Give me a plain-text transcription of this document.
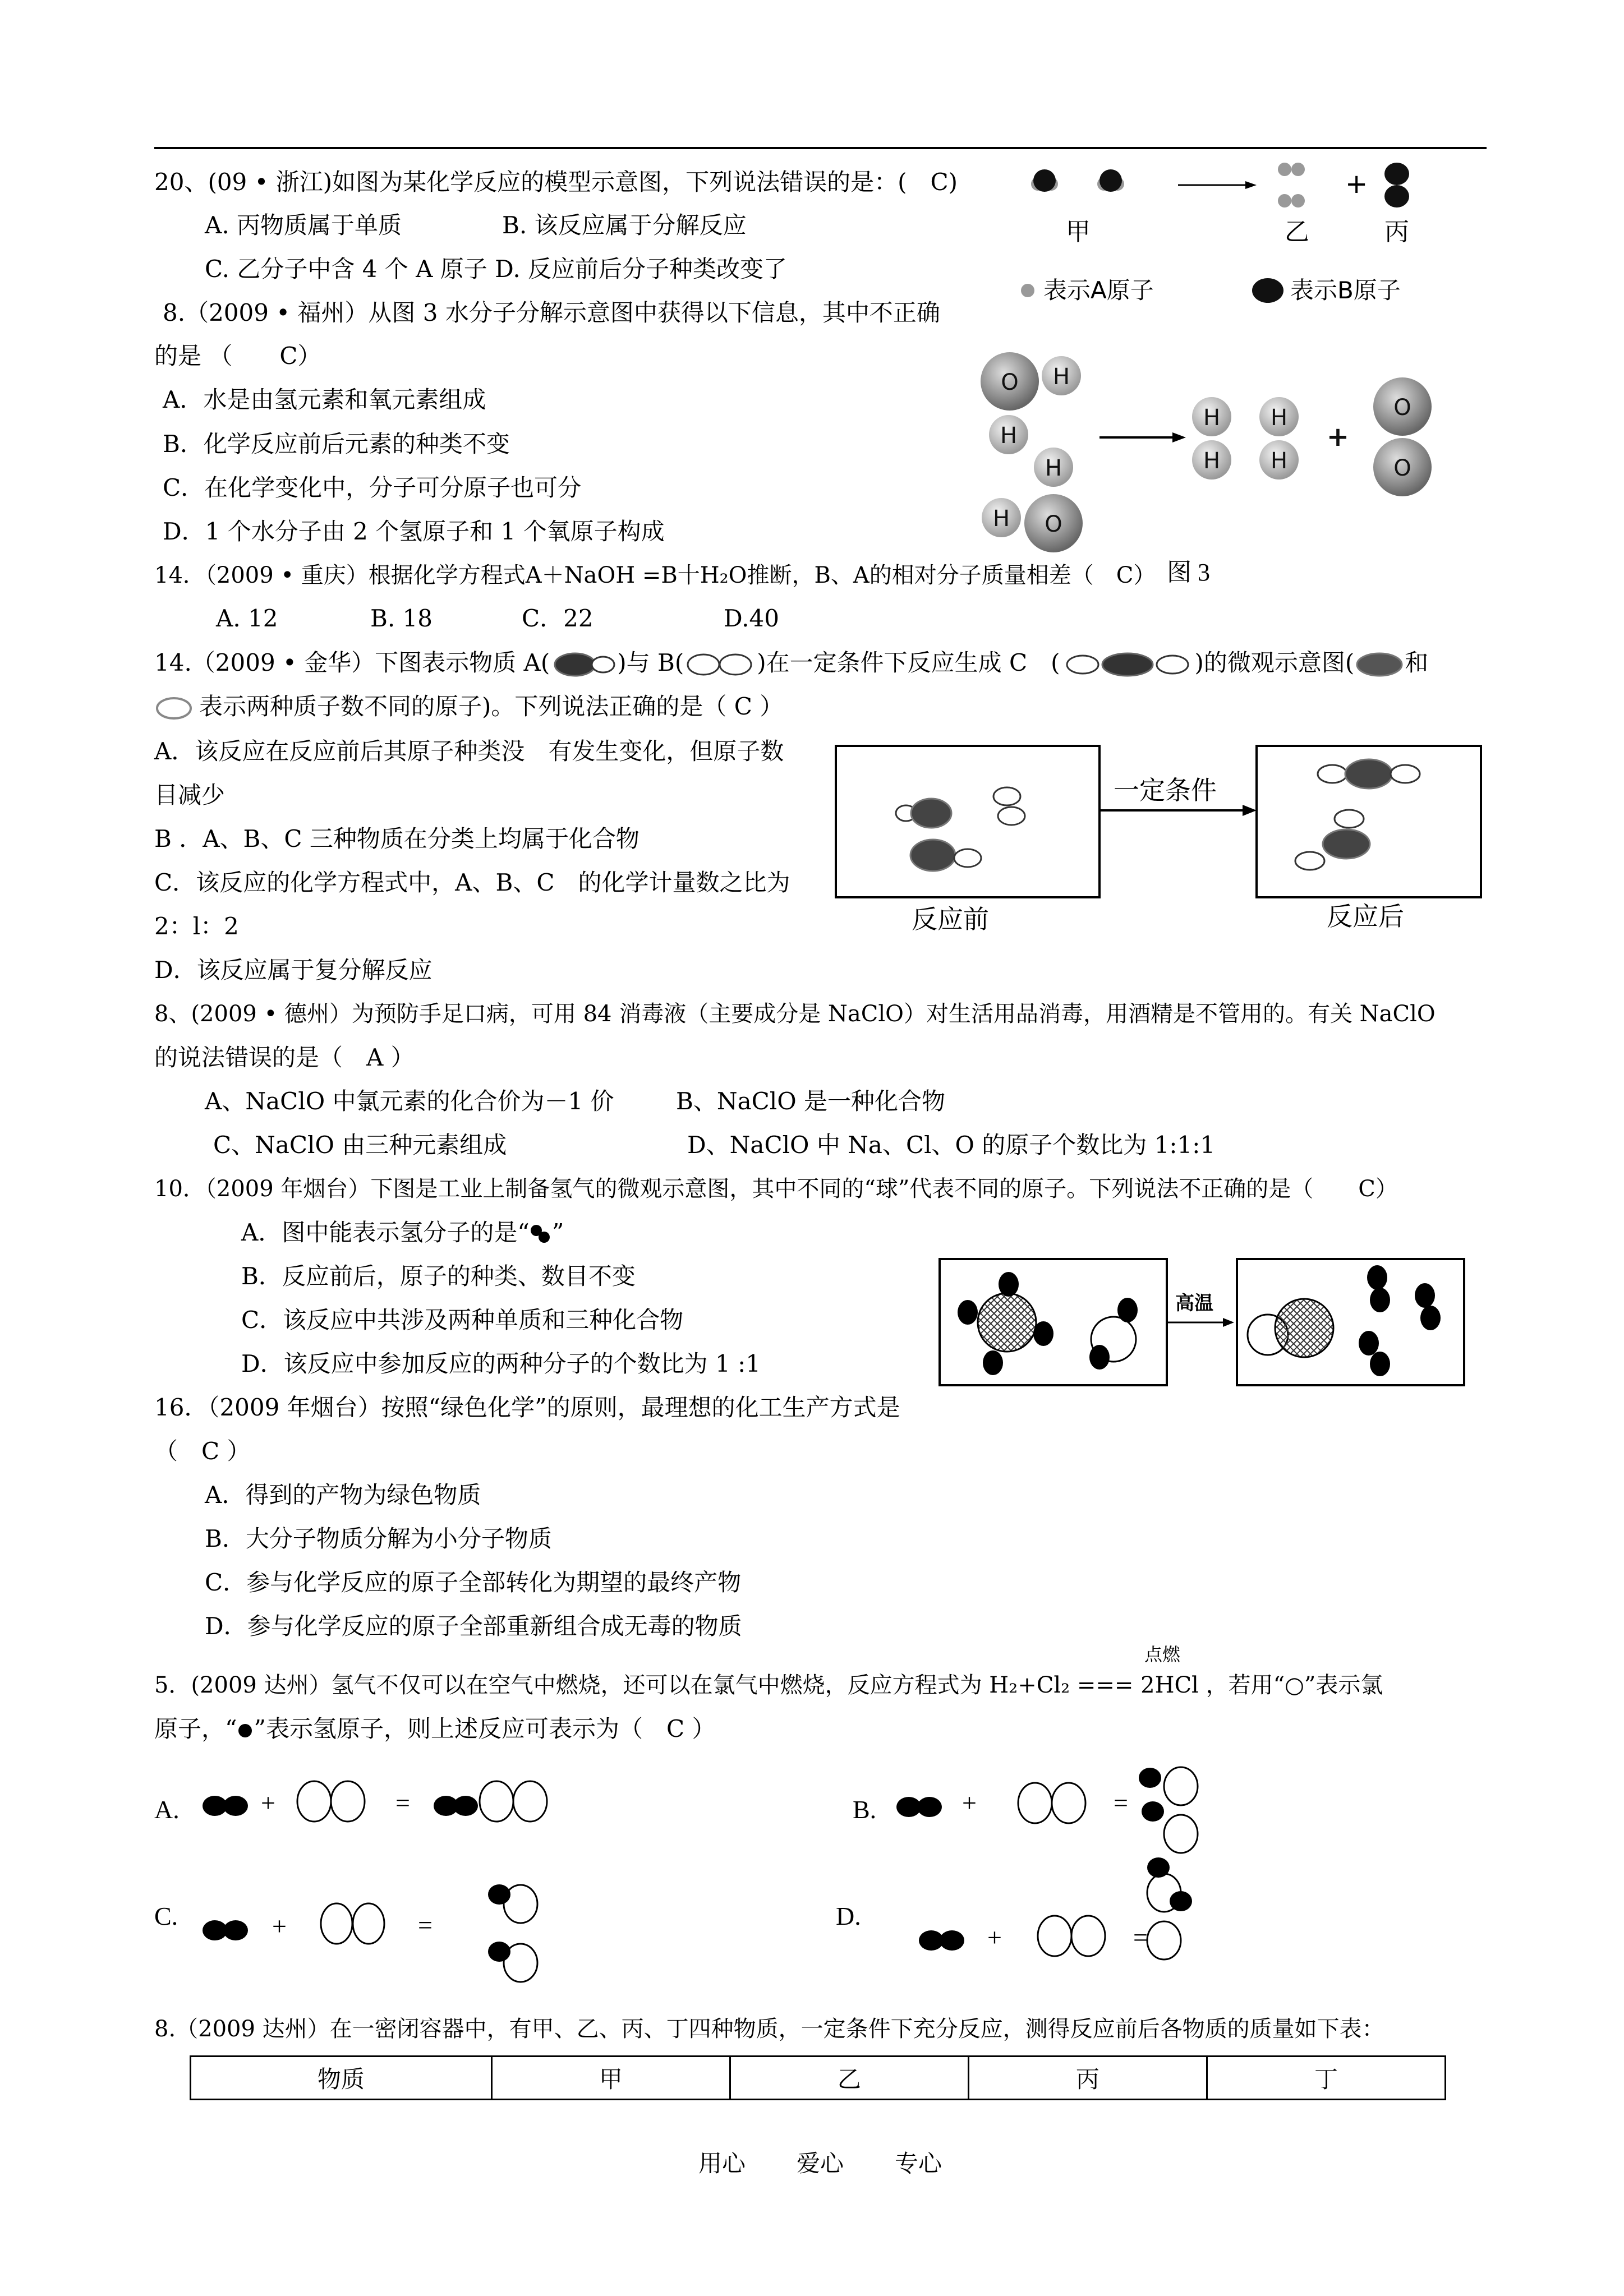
20、(09 • 浙江)如图为某化学反应的模型示意图，下列说法错误的是：(　C)
A. 丙物质属于单质	B. 该反应属于分解反应
C. 乙分子中含 4 个 A 原子 D. 反应前后分子种类改变了
+
甲	乙	丙
表示A原子	表示B原子
8.（2009 • 福州）从图 3 水分子分解示意图中获得以下信息，其中不正确
的是 （　　C）
A．水是由氢元素和氧元素组成
B．化学反应前后元素的种类不变
C．在化学变化中，分子可分原子也可分
D．1 个水分子由 2 个氢原子和 1 个氧原子构成
O H
H
H
H O
H
H
H
H
+
O
O
图 3
14．（2009 • 重庆）根据化学方程式A＋NaOH =B十H₂O推断，B、A的相对分子质量相差（　C）
A. 12	B. 18	C．22	D.40
14.（2009 • 金华）下图表示物质 A(	)与 B(	)在一定条件下反应生成 C　(	)的微观示意图( 和
表示两种质子数不同的原子)。下列说法正确的是（ C ）
A．该反应在反应前后其原子种类没　有发生变化，但原子数
目减少
B ．A、B、C 三种物质在分类上均属于化合物
C．该反应的化学方程式中，A、B、C　的化学计量数之比为
2：l：2
D．该反应属于复分解反应
一定条件
反应前	反应后
8、(2009 • 德州）为预防手足口病，可用 84 消毒液（主要成分是 NaClO）对生活用品消毒，用酒精是不管用的。有关 NaClO
的说法错误的是（　A ）
A、NaClO 中氯元素的化合价为－1 价	B、NaClO 是一种化合物
C、NaClO 由三种元素组成	D、NaClO 中 Na、Cl、O 的原子个数比为 1:1:1
10．（2009 年烟台）下图是工业上制备氢气的微观示意图，其中不同的“球”代表不同的原子。下列说法不正确的是（　　C）
A．图中能表示氢分子的是“ ”
B．反应前后，原子的种类、数目不变
C．该反应中共涉及两种单质和三种化合物
D．该反应中参加反应的两种分子的个数比为 1 :1
高温
16．（2009 年烟台）按照“绿色化学”的原则，最理想的化工生产方式是
（　C ）
A．得到的产物为绿色物质
B．大分子物质分解为小分子物质
C．参与化学反应的原子全部转化为期望的最终产物
D．参与化学反应的原子全部重新组合成无毒的物质
点燃
5．(2009 达州）氢气不仅可以在空气中燃烧，还可以在氯气中燃烧，反应方程式为 H₂+Cl₂ === 2HCl ，若用“○”表示氯
原子，“ ”表示氢原子，则上述反应可表示为（　C ）
A.	+	=	B.	+	=
C.	+	=	D.
+	=
8.（2009 达州）在一密闭容器中，有甲、乙、丙、丁四种物质，一定条件下充分反应，测得反应前后各物质的质量如下表：
物质	甲	乙	丙	丁
用心 爱心 专心
